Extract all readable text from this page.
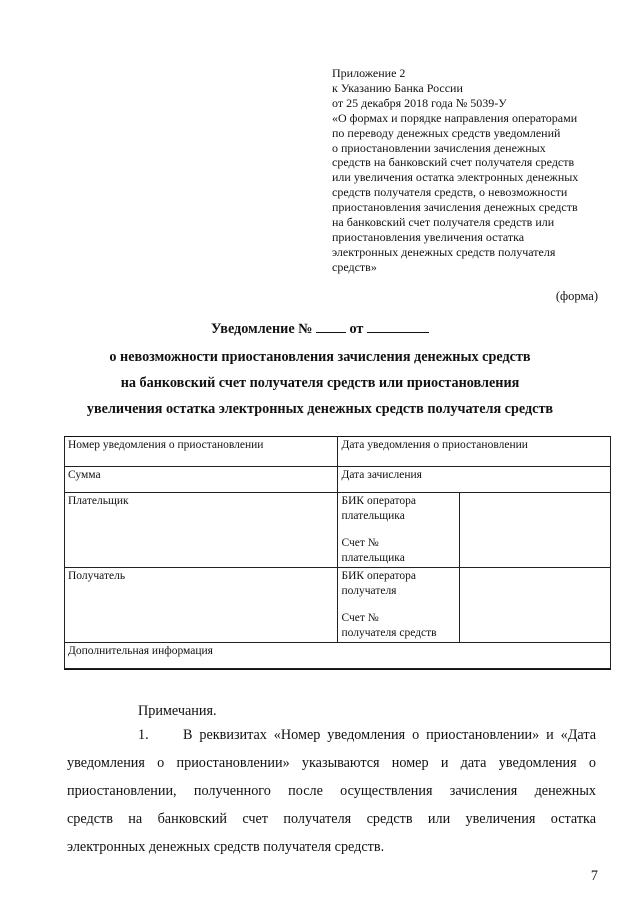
Приложение 2
к Указанию Банка России
от 25 декабря 2018 года № 5039-У
«О формах и порядке направления операторами
по переводу денежных средств уведомлений
о приостановлении зачисления денежных
средств на банковский счет получателя средств
или увеличения остатка электронных денежных
средств получателя средств, о невозможности
приостановления зачисления денежных средств
на банковский счет получателя средств или
приостановления увеличения остатка
электронных денежных средств получателя
средств»
(форма)
Уведомление №	от
о невозможности приостановления зачисления денежных средств
на банковский счет получателя средств или приостановления
увеличения остатка электронных денежных средств получателя средств
Номер уведомления о приостановлении	Дата уведомления о приостановлении	
Сумма	Дата зачисления	
Плательщик	БИК оператора
плательщика
Счет №
плательщика	

Получатель	БИК оператора
получателя
Счет №
получателя средств	

Дополнительная информация		
Примечания.
1. В реквизитах «Номер уведомления о приостановлении» и «Дата
уведомления о приостановлении» указываются номер и дата уведомления о
приостановлении, полученного после осуществления зачисления денежных
средств на банковский счет получателя средств или увеличения остатка
электронных денежных средств получателя средств.
7
